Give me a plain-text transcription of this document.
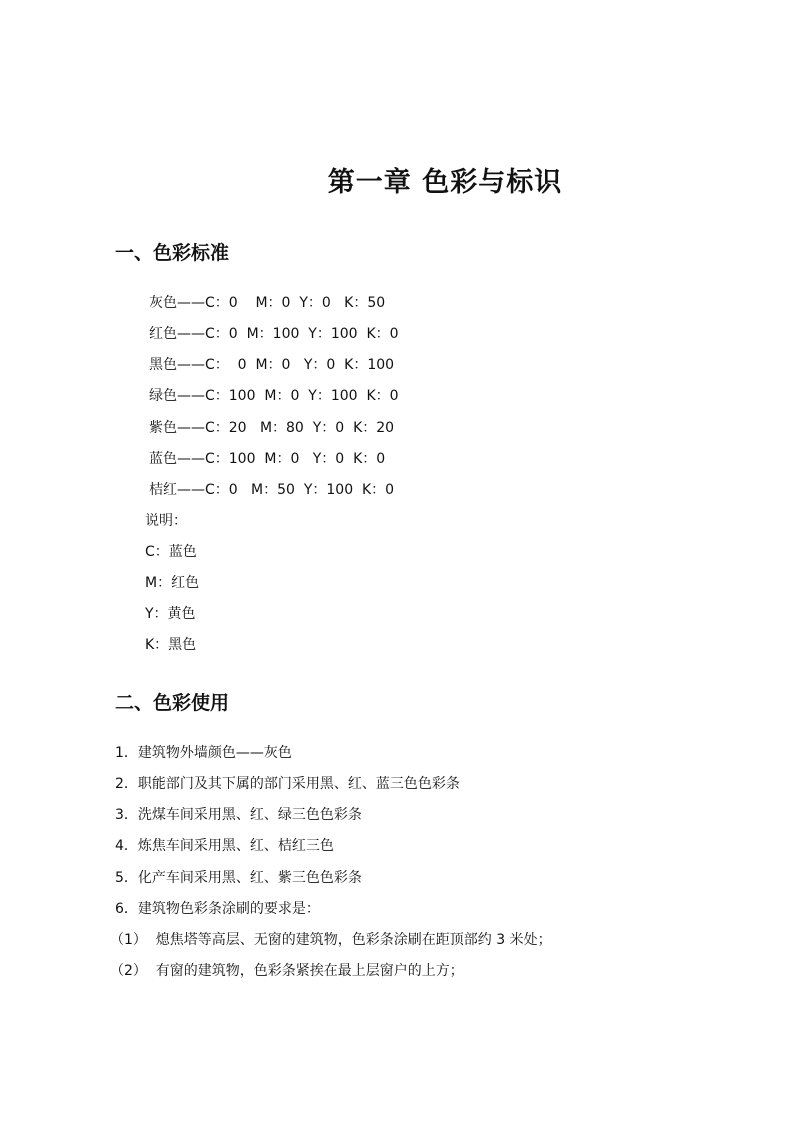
第一章 色彩与标识
一、色彩标准
灰色——C：0    M：0  Y：0   K：50
红色——C：0  M：100  Y：100  K：0
黑色——C：  0  M：0   Y：0  K：100
绿色——C：100  M：0  Y：100  K：0
紫色——C：20   M：80  Y：0  K：20
蓝色——C：100  M：0   Y：0  K：0
桔红——C：0   M：50  Y：100  K：0
说明：
C：蓝色
M：红色
Y：黄色
K：黑色
二、色彩使用
1．建筑物外墙颜色——灰色
2．职能部门及其下属的部门采用黑、红、蓝三色色彩条
3．洗煤车间采用黑、红、绿三色色彩条
4．炼焦车间采用黑、红、桔红三色
5．化产车间采用黑、红、紫三色色彩条
6．建筑物色彩条涂刷的要求是：
（1）  熄焦塔等高层、无窗的建筑物，色彩条涂刷在距顶部约 3 米处；
（2）  有窗的建筑物，色彩条紧挨在最上层窗户的上方；
